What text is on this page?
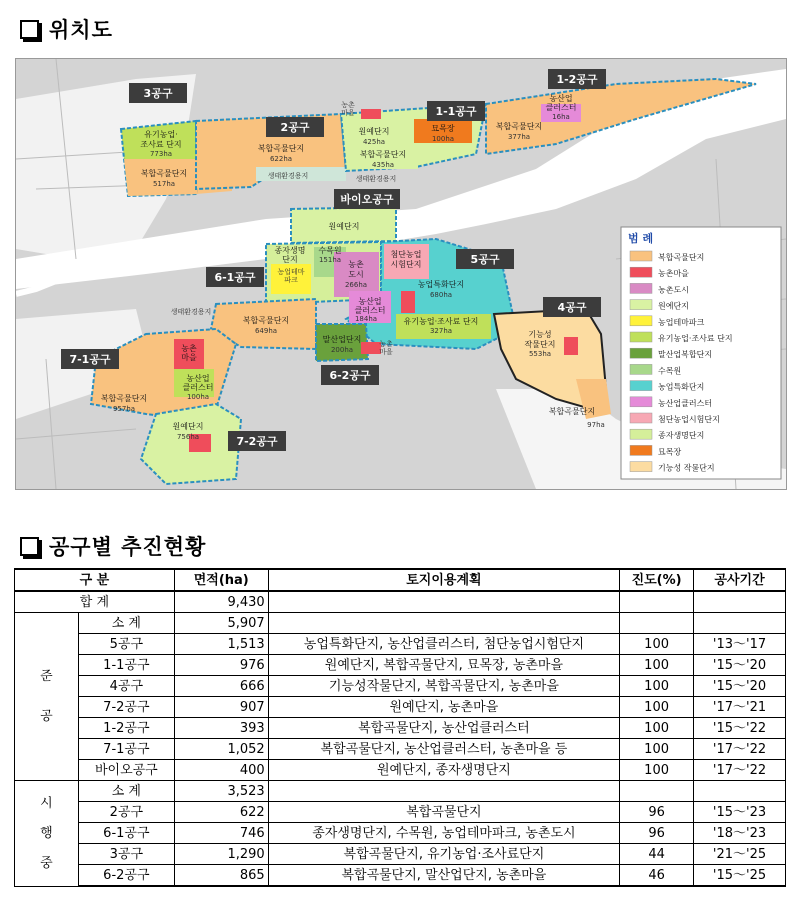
위치도
3공구
2공구
1-1공구
1-2공구
바이오공구
6-1공구
5공구
4공구
7-1공구
6-2공구
7-2공구
유기농업·
조사료 단지
773ha
복합곡물단지
517ha
복합곡물단지
622ha
생태환경용지
농촌
마을
원예단지
425ha
묘목장
100ha
복합곡물단지
435ha
농산업
클러스터
16ha
복합곡물단지
377ha
생태환경용지
원예단지
종자생명
단지
수목원
151ha
농업테마
파크
농촌
도시
266ha
첨단농업
시험단지
농업특화단지
680ha
농산업
클러스터
184ha	유기농업·조사료 단지
327ha	기능성
작물단지
553ha
복합곡물단지
97ha
복합곡물단지
649ha
말산업단지
200ha
농촌
마을
농촌
마을
농산업
클러스터
100ha
복합곡물단지
957ha
원예단지
756ha
생태환경용지
범 례
복합곡물단지
농촌마을
농촌도시
원예단지
농업테마파크
유기농업·조사료 단지
말산업복합단지
수목원
농업특화단지
농산업클러스터
첨단농업시험단지
종자생명단지
묘목장
기능성 작물단지
공구별 추진현황
구 분		면적(ha)	토지이용계획	진도(%)	공사기간
합 계		9,430			
준

공	소 계	5,907			
	5공구	1,513	농업특화단지, 농산업클러스터, 첨단농업시험단지	100	'13～'17
	1-1공구	976	원예단지, 복합곡물단지, 묘목장, 농촌마을	100	'15～'20
	4공구	666	기능성작물단지, 복합곡물단지, 농촌마을	100	'15～'20
	7-2공구	907	원예단지, 농촌마을	100	'17～'21
	1-2공구	393	복합곡물단지, 농산업클러스터	100	'15～'22
	7-1공구	1,052	복합곡물단지, 농산업클러스터, 농촌마을 등	100	'17～'22
	바이오공구	400	원예단지, 종자생명단지	100	'17～'22
시

행

중	소 계	3,523			
	2공구	622	복합곡물단지	96	'15～'23
	6-1공구	746	종자생명단지, 수목원, 농업테마파크, 농촌도시	96	'18～'23
	3공구	1,290	복합곡물단지, 유기농업·조사료단지	44	'21～'25
	6-2공구	865	복합곡물단지, 말산업단지, 농촌마을	46	'15～'25
